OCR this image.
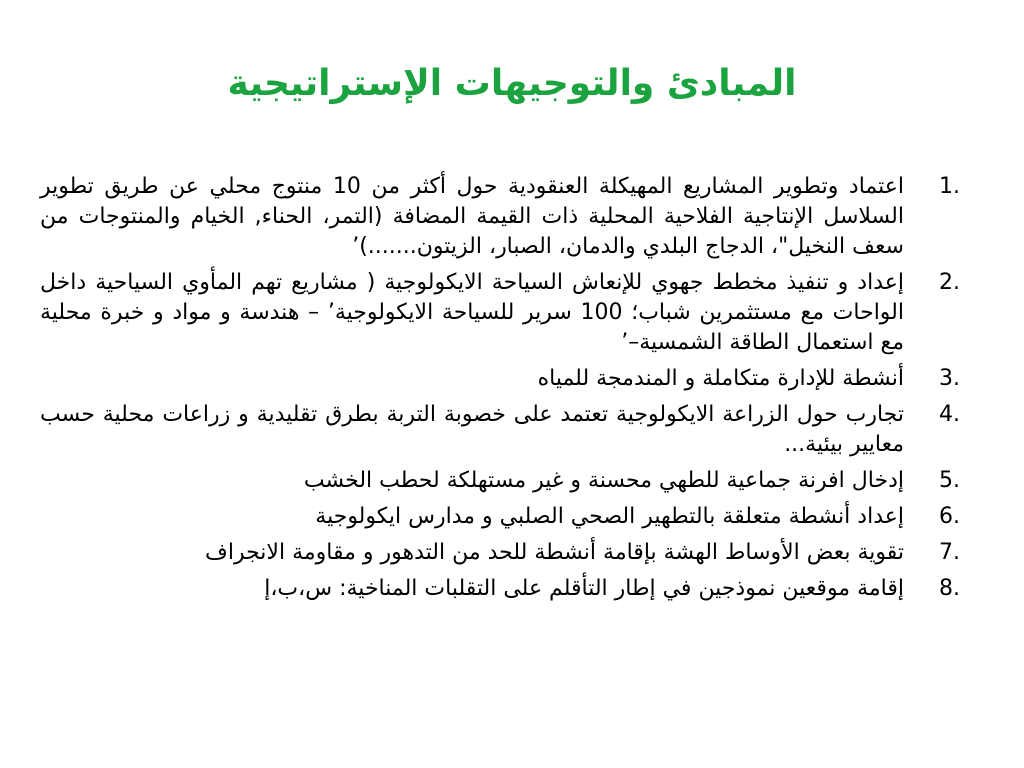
المبادئ والتوجيهات الإستراتيجية
1.
اعتماد وتطوير المشاريع المهيكلة العنقودية حول أكثر من 10 منتوج محلي عن طريق تطوير السلاسل الإنتاجية الفلاحية المحلية ذات القيمة المضافة (التمر، الحناء, الخيام والمنتوجات من سعف النخيل"، الدجاج البلدي والدمان، الصبار، الزيتون.......)’
2.
إعداد و تنفيذ مخطط جهوي للإنعاش السياحة الايكولوجية ( مشاريع تهم المأوي السياحية داخل الواحات مع مستثمرين شباب؛ 100 سرير للسياحة الايكولوجية’ – هندسة و مواد و خبرة محلية مع استعمال الطاقة الشمسية–’
3.
أنشطة للإدارة متكاملة و المندمجة للمياه
4.
تجارب حول الزراعة الايكولوجية تعتمد على خصوبة التربة بطرق تقليدية و زراعات محلية حسب معايير بيئية...
5.
إدخال افرنة جماعية للطهي محسنة و غير مستهلكة لحطب الخشب
6.
إعداد أنشطة متعلقة بالتطهير الصحي الصلبي و مدارس ايكولوجية
7.
تقوية بعض الأوساط الهشة بإقامة أنشطة للحد من التدهور و مقاومة الانجراف
8.
إقامة موقعين نموذجين في إطار التأقلم على التقلبات المناخية: س،ب،إ
